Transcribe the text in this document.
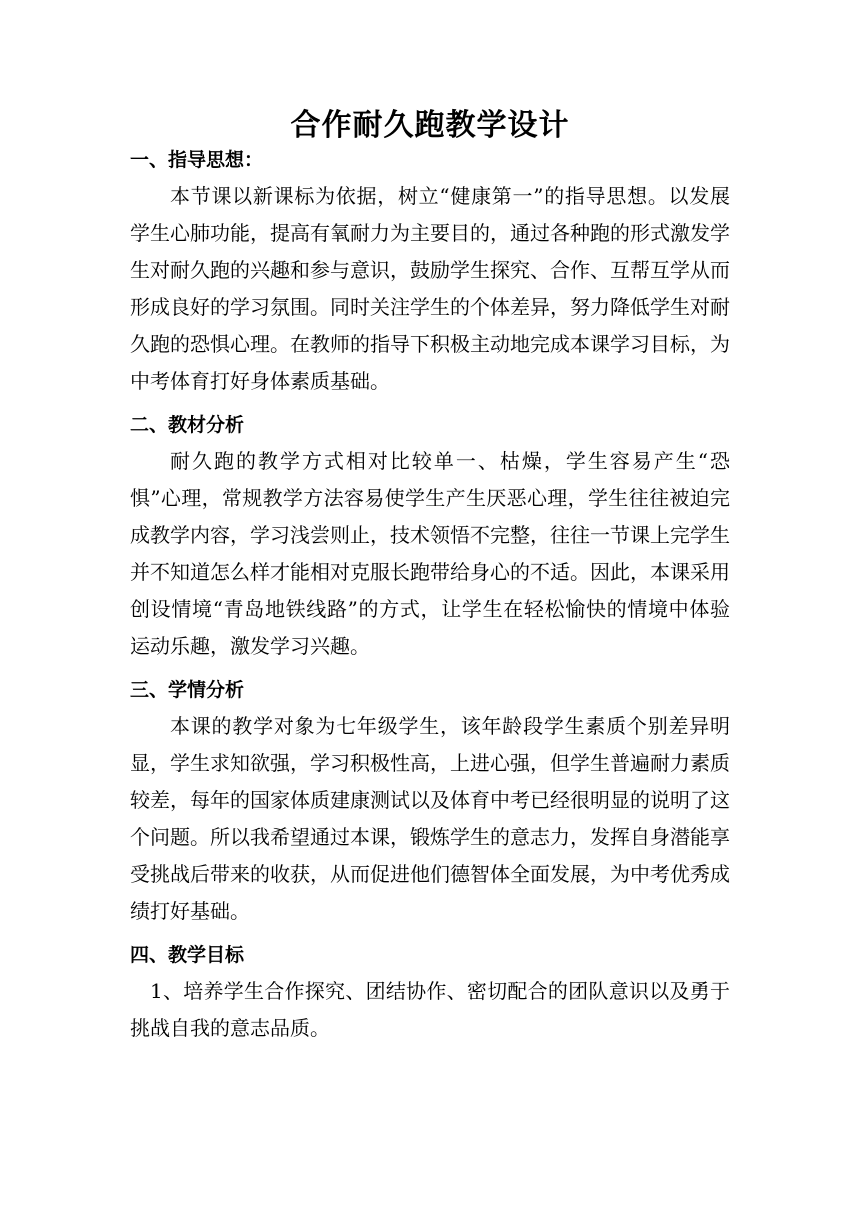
合作耐久跑教学设计
一、指导思想：

本节课以新课标为依据，树立“健康第一”的指导思想。以发展学生心肺功能，提高有氧耐力为主要目的，通过各种跑的形式激发学生对耐久跑的兴趣和参与意识，鼓励学生探究、合作、互帮互学从而形成良好的学习氛围。同时关注学生的个体差异，努力降低学生对耐久跑的恐惧心理。在教师的指导下积极主动地完成本课学习目标，为中考体育打好身体素质基础。

二、教材分析

耐久跑的教学方式相对比较单一、枯燥，学生容易产生“恐惧”心理，常规教学方法容易使学生产生厌恶心理，学生往往被迫完成教学内容，学习浅尝则止，技术领悟不完整，往往一节课上完学生并不知道怎么样才能相对克服长跑带给身心的不适。因此，本课采用创设情境“青岛地铁线路”的方式，让学生在轻松愉快的情境中体验运动乐趣，激发学习兴趣。

三、学情分析

本课的教学对象为七年级学生，该年龄段学生素质个别差异明显，学生求知欲强，学习积极性高，上进心强，但学生普遍耐力素质较差，每年的国家体质建康测试以及体育中考已经很明显的说明了这个问题。所以我希望通过本课，锻炼学生的意志力，发挥自身潜能享受挑战后带来的收获，从而促进他们德智体全面发展，为中考优秀成绩打好基础。

四、教学目标

1、培养学生合作探究、团结协作、密切配合的团队意识以及勇于挑战自我的意志品质。
